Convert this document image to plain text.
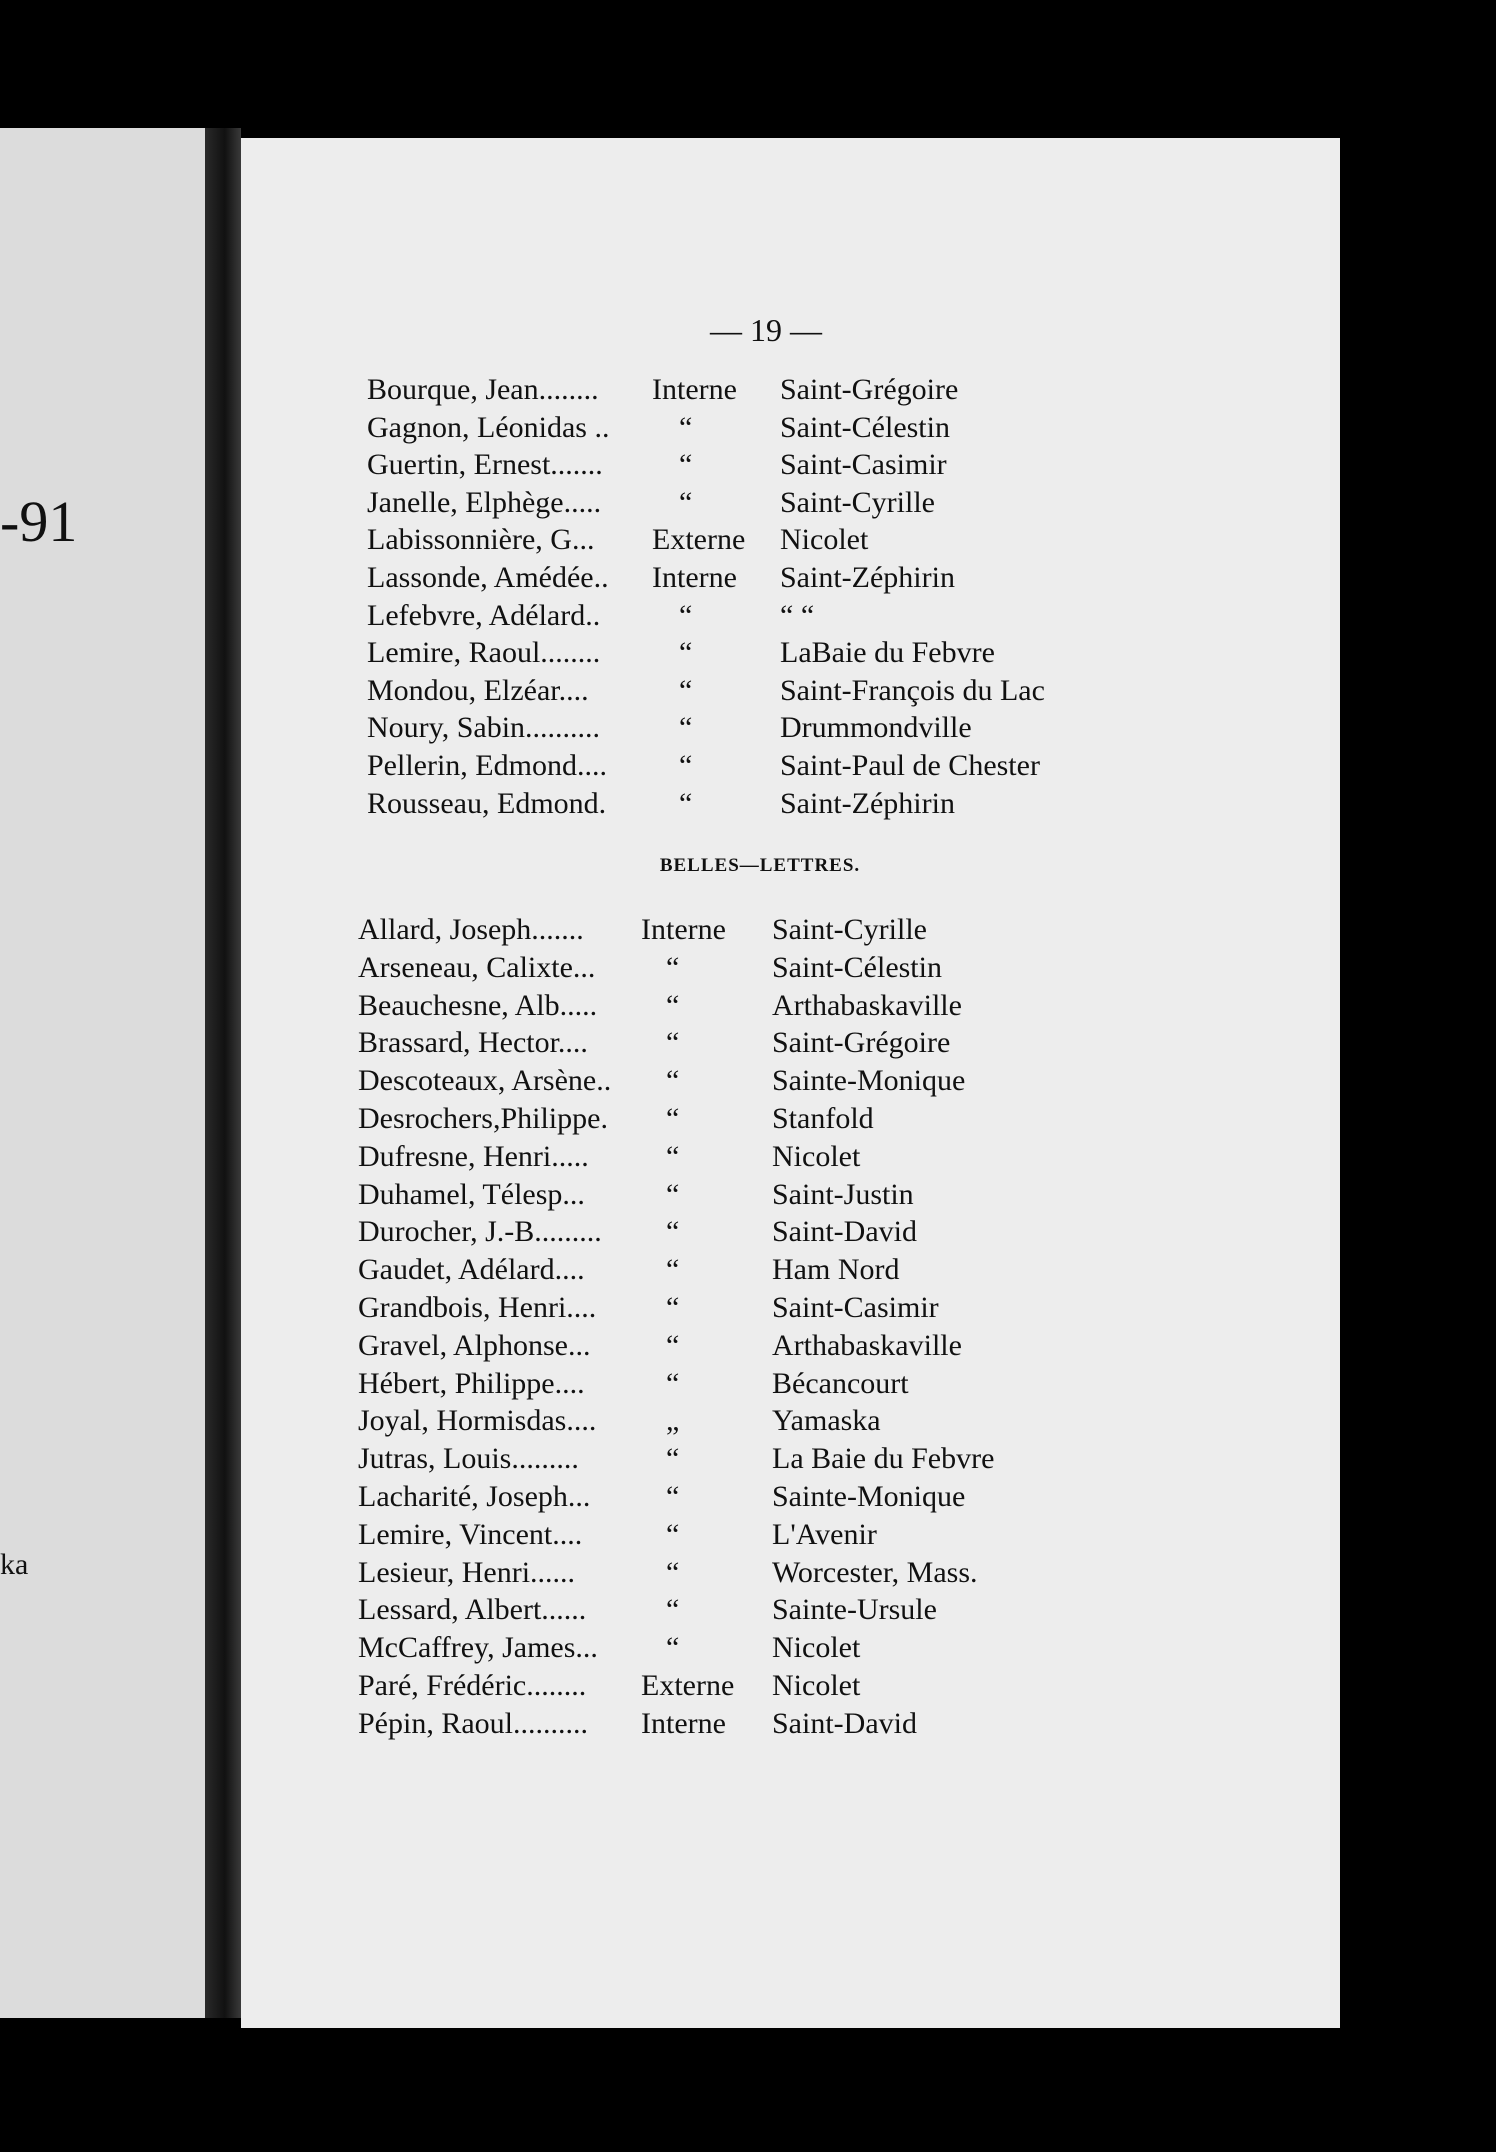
-91
ka
— 19 —
Bourque, Jean........ Interne Saint-Grégoire
Gagnon, Léonidas .. “	Saint-Célestin
Guertin, Ernest.......	“	Saint-Casimir
Janelle, Elphège.....	“	Saint-Cyrille
Labissonnière, G... Externe Nicolet
Lassonde, Amédée.. Interne Saint-Zéphirin
Lefebvre, Adélard..	“	“ “
Lemire, Raoul........	“	LaBaie du Febvre
Mondou, Elzéar....	“	Saint-François du Lac
Noury, Sabin..........	“	Drummondville
Pellerin, Edmond.... “	Saint-Paul de Chester
Rousseau, Edmond. “	Saint-Zéphirin
BELLES—LETTRES.
Allard, Joseph....... Interne Saint-Cyrille
Arseneau, Calixte... “	Saint-Célestin
Beauchesne, Alb..... “	Arthabaskaville
Brassard, Hector....	“	Saint-Grégoire
Descoteaux, Arsène.. “	Sainte-Monique
Desrochers,Philippe. “	Stanfold
Dufresne, Henri.....	“	Nicolet
Duhamel, Télesp...	“	Saint-Justin
Durocher, J.-B......... “	Saint-David
Gaudet, Adélard....	“	Ham Nord
Grandbois, Henri.... “	Saint-Casimir
Gravel, Alphonse...	“	Arthabaskaville
Hébert, Philippe....	“	Bécancourt
Joyal, Hormisdas.... „	Yamaska
Jutras, Louis.........	“	La Baie du Febvre
Lacharité, Joseph...	“	Sainte-Monique
Lemire, Vincent....	“	L'Avenir
Lesieur, Henri......	“	Worcester, Mass.
Lessard, Albert......	“	Sainte-Ursule
McCaffrey, James... “	Nicolet
Paré, Frédéric........ Externe Nicolet
Pépin, Raoul.......... Interne Saint-David
